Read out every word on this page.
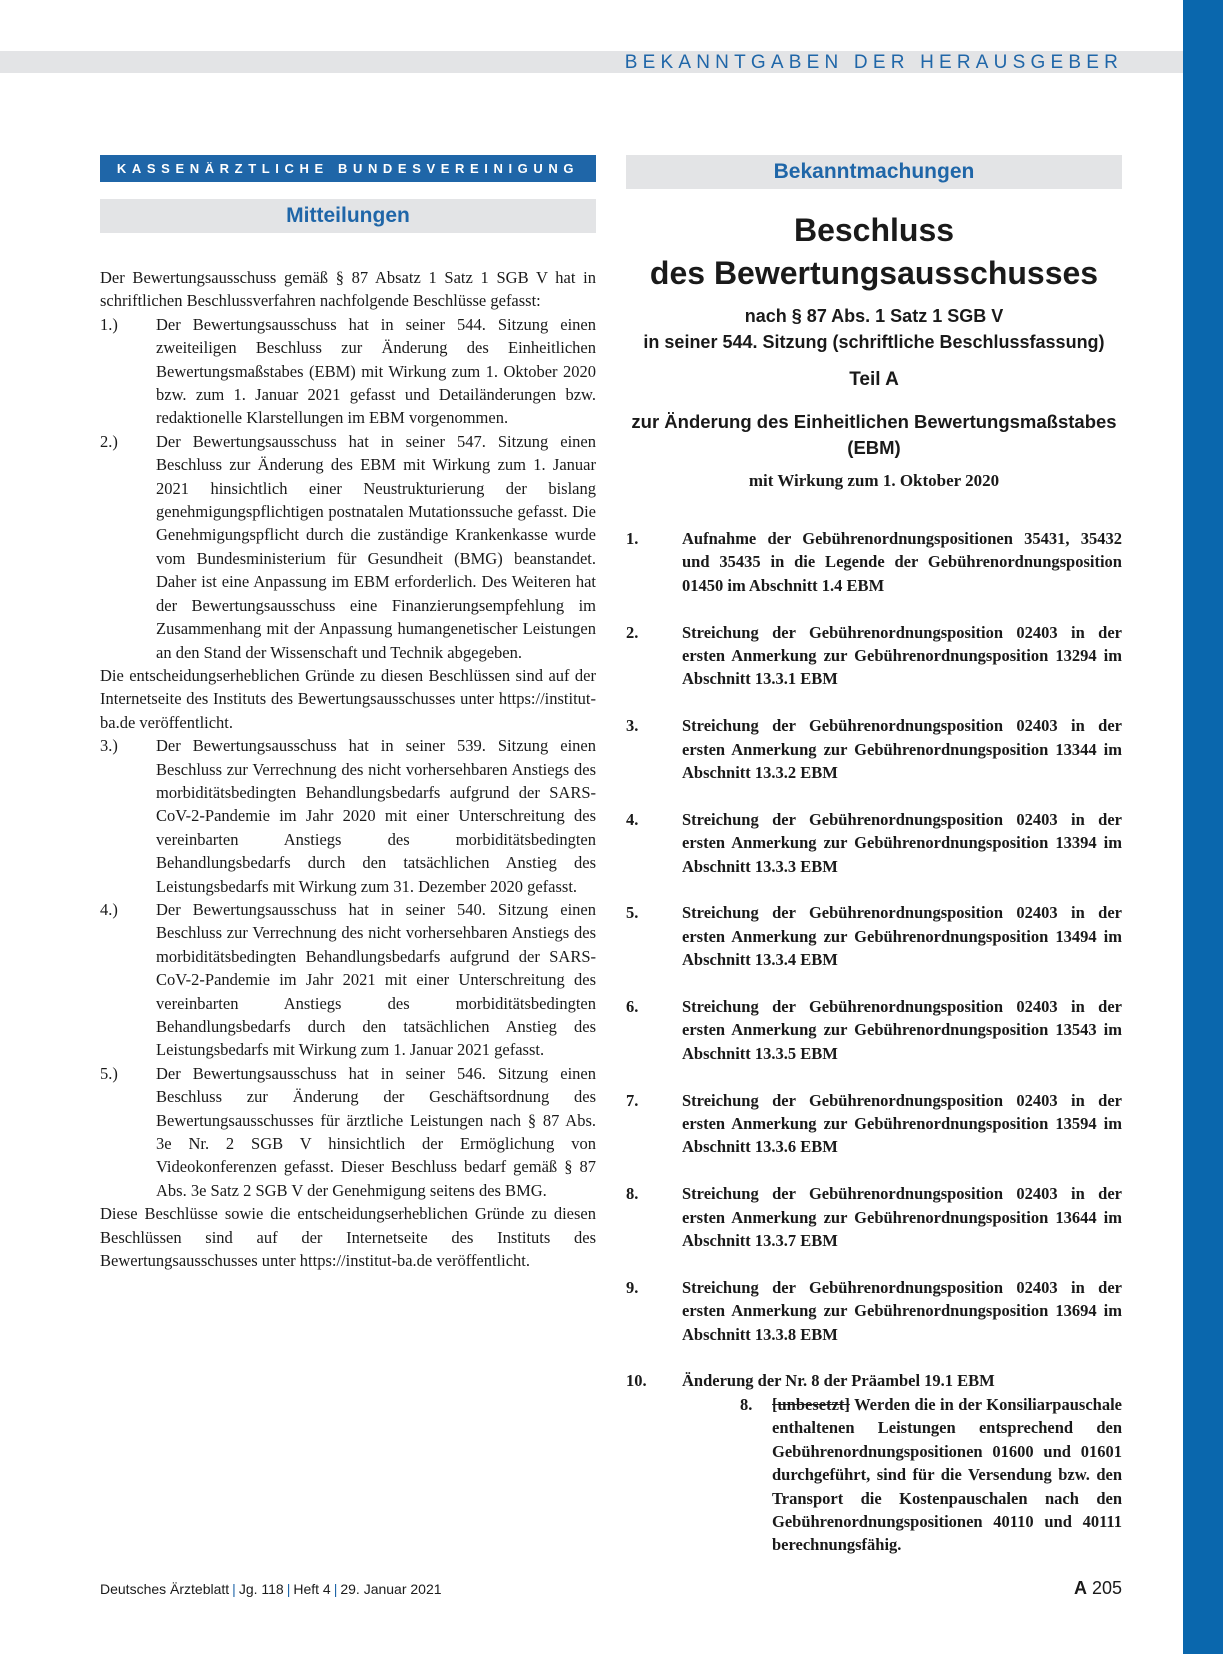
BEKANNTGABEN DER HERAUSGEBER
KASSENÄRZTLICHE BUNDESVEREINIGUNG
Mitteilungen
Der Bewertungsausschuss gemäß § 87 Absatz 1 Satz 1 SGB V hat in schriftlichen Beschlussverfahren nachfolgende Beschlüsse gefasst:
1.)	Der Bewertungsausschuss hat in seiner 544. Sitzung einen zweiteiligen Beschluss zur Änderung des Einheitlichen Bewertungsmaßstabes (EBM) mit Wirkung zum 1. Oktober 2020 bzw. zum 1. Januar 2021 gefasst und Detailänderungen bzw. redaktionelle Klarstellungen im EBM vorgenommen.
2.)	Der Bewertungsausschuss hat in seiner 547. Sitzung einen Beschluss zur Änderung des EBM mit Wirkung zum 1. Januar 2021 hinsichtlich einer Neustrukturierung der bislang genehmigungspflichtigen postnatalen Mutationssuche gefasst. Die Genehmigungspflicht durch die zuständige Krankenkasse wurde vom Bundesministerium für Gesundheit (BMG) beanstandet. Daher ist eine Anpassung im EBM erforderlich. Des Weiteren hat der Bewertungsausschuss eine Finanzierungsempfehlung im Zusammenhang mit der Anpassung humangenetischer Leistungen an den Stand der Wissenschaft und Technik abgegeben.
Die entscheidungserheblichen Gründe zu diesen Beschlüssen sind auf der Internetseite des Instituts des Bewertungsausschusses unter https://institut-ba.de veröffentlicht.
3.)	Der Bewertungsausschuss hat in seiner 539. Sitzung einen Beschluss zur Verrechnung des nicht vorhersehbaren Anstiegs des morbiditätsbedingten Behandlungsbedarfs aufgrund der SARS-CoV-2-Pandemie im Jahr 2020 mit einer Unterschreitung des vereinbarten Anstiegs des morbiditätsbedingten Behandlungsbedarfs durch den tatsächlichen Anstieg des Leistungsbedarfs mit Wirkung zum 31. Dezember 2020 gefasst.
4.)	Der Bewertungsausschuss hat in seiner 540. Sitzung einen Beschluss zur Verrechnung des nicht vorhersehbaren Anstiegs des morbiditätsbedingten Behandlungsbedarfs aufgrund der SARS-CoV-2-Pandemie im Jahr 2021 mit einer Unterschreitung des vereinbarten Anstiegs des morbiditätsbedingten Behandlungsbedarfs durch den tatsächlichen Anstieg des Leistungsbedarfs mit Wirkung zum 1. Januar 2021 gefasst.
5.)	Der Bewertungsausschuss hat in seiner 546. Sitzung einen Beschluss zur Änderung der Geschäftsordnung des Bewertungsausschusses für ärztliche Leistungen nach § 87 Abs. 3e Nr. 2 SGB V hinsichtlich der Ermöglichung von Videokonferenzen gefasst. Dieser Beschluss bedarf gemäß § 87 Abs. 3e Satz 2 SGB V der Genehmigung seitens des BMG.
Diese Beschlüsse sowie die entscheidungserheblichen Gründe zu diesen Beschlüssen sind auf der Internetseite des Instituts des Bewertungsausschusses unter https://institut-ba.de veröffentlicht.
Bekanntmachungen
Beschluss
des Bewertungsausschusses
nach § 87 Abs. 1 Satz 1 SGB V
in seiner 544. Sitzung (schriftliche Beschlussfassung)
Teil A
zur Änderung des Einheitlichen Bewertungsmaßstabes (EBM)
mit Wirkung zum 1. Oktober 2020
1.	Aufnahme der Gebührenordnungspositionen 35431, 35432 und 35435 in die Legende der Gebührenordnungsposition 01450 im Abschnitt 1.4 EBM
2.	Streichung der Gebührenordnungsposition 02403 in der ersten Anmerkung zur Gebührenordnungsposition 13294 im Abschnitt 13.3.1 EBM
3.	Streichung der Gebührenordnungsposition 02403 in der ersten Anmerkung zur Gebührenordnungsposition 13344 im Abschnitt 13.3.2 EBM
4.	Streichung der Gebührenordnungsposition 02403 in der ersten Anmerkung zur Gebührenordnungsposition 13394 im Abschnitt 13.3.3 EBM
5.	Streichung der Gebührenordnungsposition 02403 in der ersten Anmerkung zur Gebührenordnungsposition 13494 im Abschnitt 13.3.4 EBM
6.	Streichung der Gebührenordnungsposition 02403 in der ersten Anmerkung zur Gebührenordnungsposition 13543 im Abschnitt 13.3.5 EBM
7.	Streichung der Gebührenordnungsposition 02403 in der ersten Anmerkung zur Gebührenordnungsposition 13594 im Abschnitt 13.3.6 EBM
8.	Streichung der Gebührenordnungsposition 02403 in der ersten Anmerkung zur Gebührenordnungsposition 13644 im Abschnitt 13.3.7 EBM
9.	Streichung der Gebührenordnungsposition 02403 in der ersten Anmerkung zur Gebührenordnungsposition 13694 im Abschnitt 13.3.8 EBM
10.	Änderung der Nr. 8 der Präambel 19.1 EBM
8.	[unbesetzt] Werden die in der Konsiliarpauschale enthaltenen Leistungen entsprechend den Gebührenordnungspositionen 01600 und 01601 durchgeführt, sind für die Versendung bzw. den Transport die Kostenpauschalen nach den Gebührenordnungspositionen 40110 und 40111 berechnungsfähig.
Deutsches Ärzteblatt | Jg. 118 | Heft 4 | 29. Januar 2021	A 205
